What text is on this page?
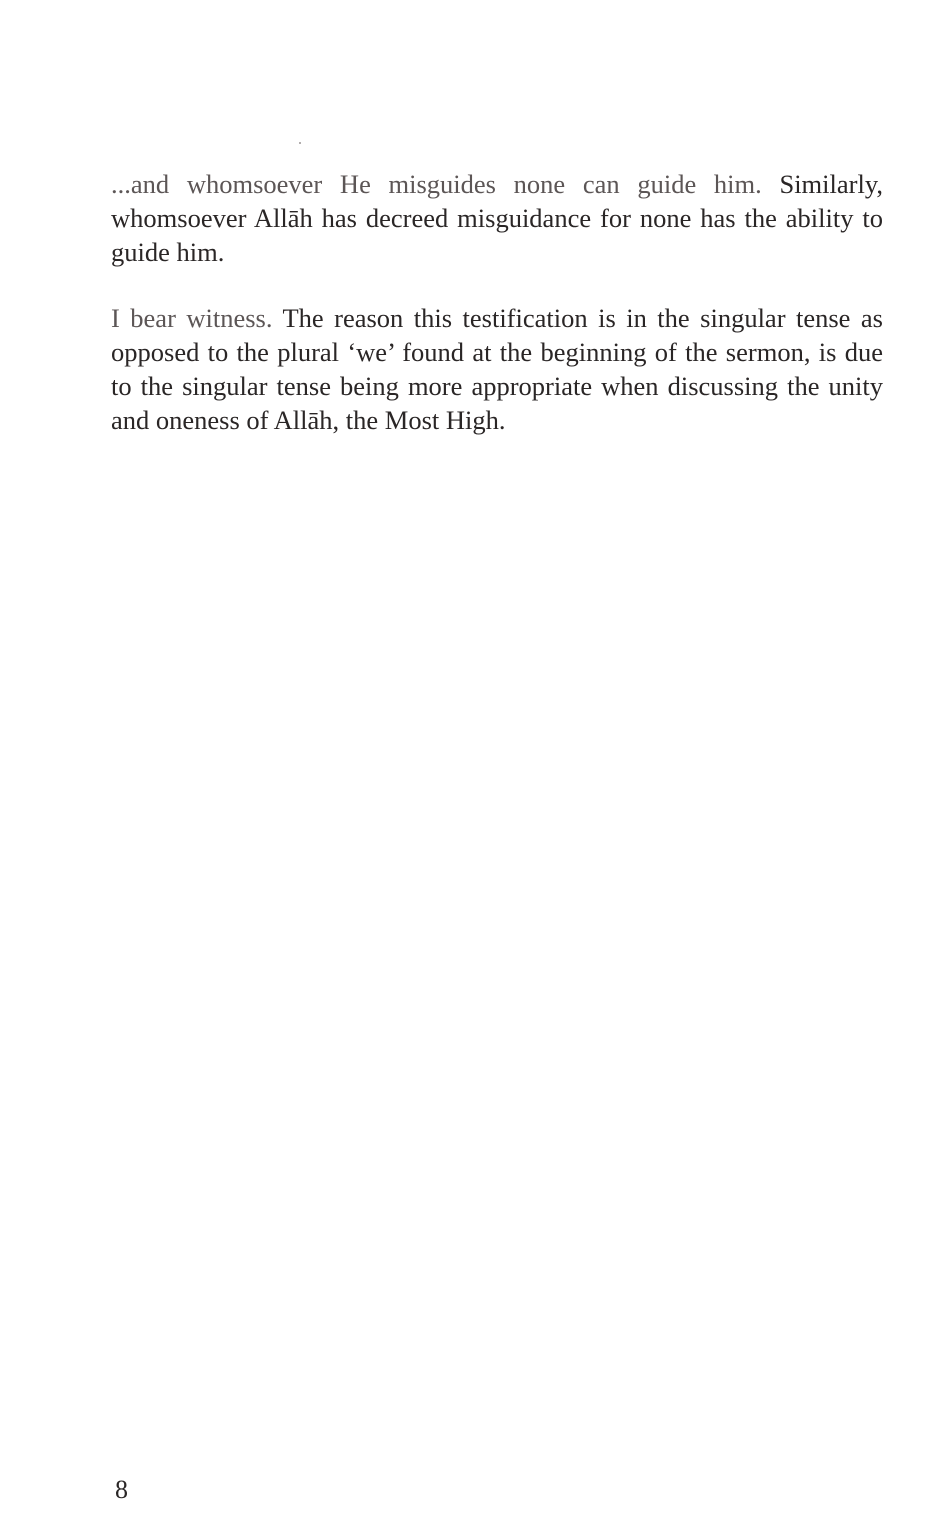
...and whomsoever He misguides none can guide him. Similarly, whomsoever Allāh has decreed misguidance for none has the ability to guide him.

I bear witness. The reason this testification is in the singular tense as opposed to the plural ‘we’ found at the beginning of the sermon, is due to the singular tense being more appropriate when discussing the unity and oneness of Allāh, the Most High.

8
